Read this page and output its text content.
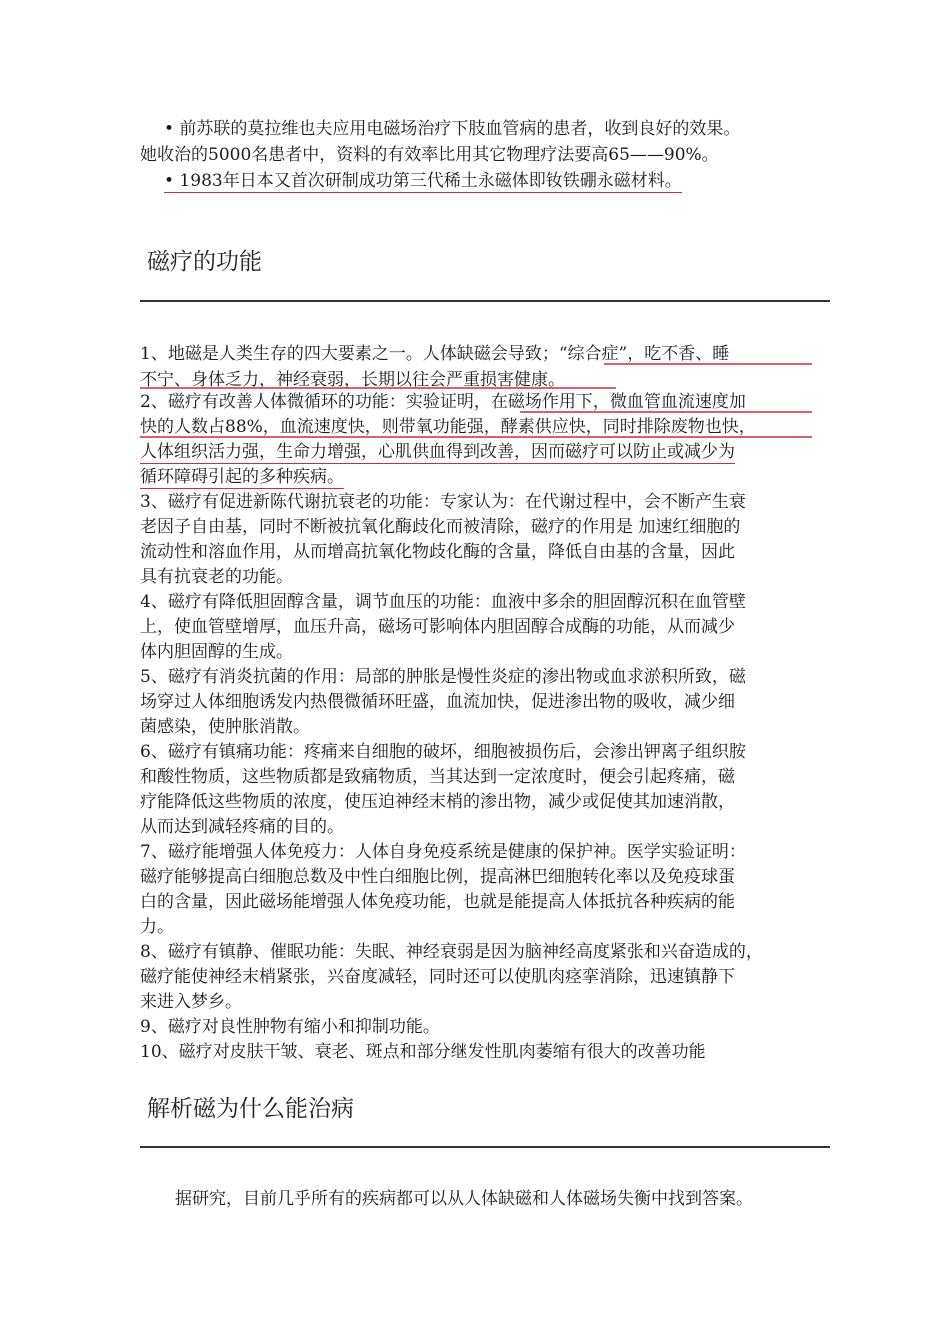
• 前苏联的莫拉维也夫应用电磁场治疗下肢血管病的患者，收到良好的效果。
她收治的5000名患者中，资料的有效率比用其它物理疗法要高65——90%。
• 1983年日本又首次研制成功第三代稀土永磁体即钕铁硼永磁材料。
磁疗的功能
1、地磁是人类生存的四大要素之一。人体缺磁会导致；“综合症”，吃不香、睡
不宁、身体乏力，神经衰弱，长期以往会严重损害健康。
2、磁疗有改善人体微循环的功能：实验证明，在磁场作用下，微血管血流速度加
快的人数占88%，血流速度快，则带氧功能强，酵素供应快，同时排除废物也快，
人体组织活力强，生命力增强，心肌供血得到改善，因而磁疗可以防止或减少为
循环障碍引起的多种疾病。
3、磁疗有促进新陈代谢抗衰老的功能：专家认为：在代谢过程中，会不断产生衰
老因子自由基，同时不断被抗氧化酶歧化而被清除，磁疗的作用是 加速红细胞的
流动性和溶血作用，从而增高抗氧化物歧化酶的含量，降低自由基的含量，因此
具有抗衰老的功能。
4、磁疗有降低胆固醇含量，调节血压的功能：血液中多余的胆固醇沉积在血管壁
上，使血管壁增厚，血压升高，磁场可影响体内胆固醇合成酶的功能，从而减少
体内胆固醇的生成。
5、磁疗有消炎抗菌的作用：局部的肿胀是慢性炎症的渗出物或血求淤积所致，磁
场穿过人体细胞诱发内热偎微循环旺盛，血流加快，促进渗出物的吸收，减少细
菌感染，使肿胀消散。
6、磁疗有镇痛功能：疼痛来自细胞的破坏，细胞被损伤后，会渗出钾离子组织胺
和酸性物质，这些物质都是致痛物质，当其达到一定浓度时，便会引起疼痛，磁
疗能降低这些物质的浓度，使压迫神经末梢的渗出物，减少或促使其加速消散，
从而达到减轻疼痛的目的。
7、磁疗能增强人体免疫力：人体自身免疫系统是健康的保护神。医学实验证明：
磁疗能够提高白细胞总数及中性白细胞比例，提高淋巴细胞转化率以及免疫球蛋
白的含量，因此磁场能增强人体免疫功能，也就是能提高人体抵抗各种疾病的能
力。
8、磁疗有镇静、催眠功能：失眠、神经衰弱是因为脑神经高度紧张和兴奋造成的，
磁疗能使神经末梢紧张，兴奋度减轻，同时还可以使肌肉痉挛消除，迅速镇静下
来进入梦乡。
9、磁疗对良性肿物有缩小和抑制功能。
10、磁疗对皮肤干皱、衰老、斑点和部分继发性肌肉萎缩有很大的改善功能
解析磁为什么能治病
据研究，目前几乎所有的疾病都可以从人体缺磁和人体磁场失衡中找到答案。
